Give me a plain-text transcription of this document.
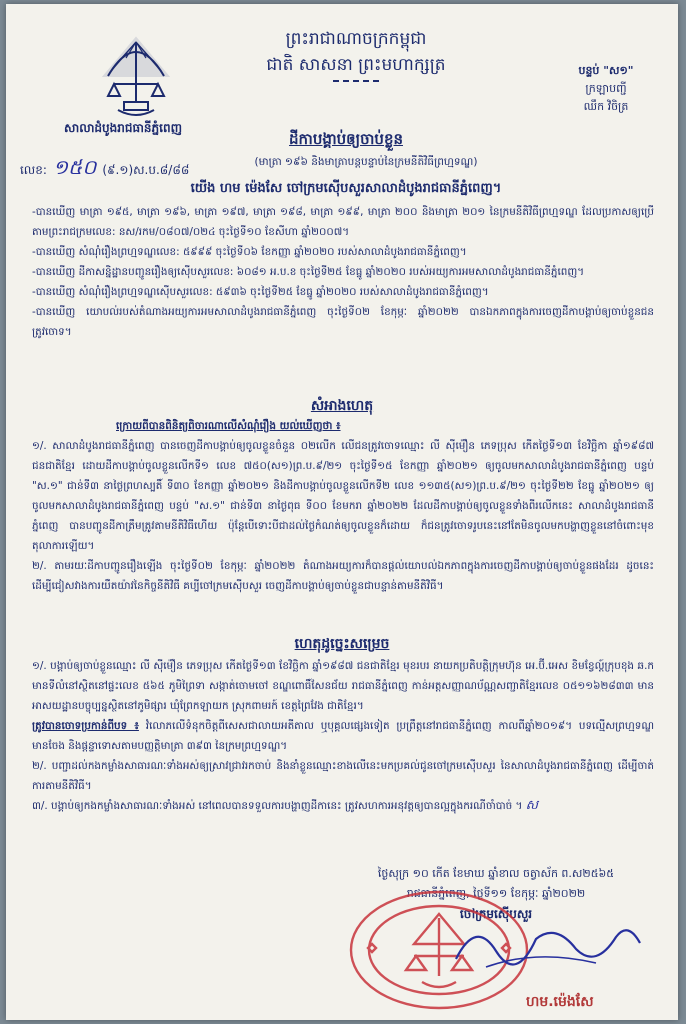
សាលាដំបូងរាជធានីភ្នំពេញ
ព្រះរាជាណាចក្រកម្ពុជា
ជាតិ សាសនា ព្រះមហាក្សត្រ	បន្ទប់ "ស១"
ក្រឡាបញ្ជី
ឈឹក វិចិត្រ
ដីកាបង្គាប់ឲ្យចាប់ខ្លួន
លេខ: ១៥០ (៩.១)ស.ប.៨/៨៨
(មាត្រា ១៩៦ និងមាត្រាបន្តបន្ទាប់នៃក្រមនីតិវិធីព្រហ្មទណ្ឌ)
យើង ហម ម៉េងសែ ចៅក្រមស៊ើបសួរសាលាដំបូងរាជធានីភ្នំពេញ។
-បានឃើញ មាត្រា ១៩៥, មាត្រា ១៩៦, មាត្រា ១៩៧, មាត្រា ១៩៨, មាត្រា ១៩៩, មាត្រា ២០០ និងមាត្រា ២០១ នៃក្រមនីតិវិធីព្រហ្មទណ្ឌ ដែលប្រកាសឲ្យប្រើតាមព្រះរាជក្រមលេខ: នស/រកម/០៨០៧/០២៤ ចុះថ្ងៃទី១០ ខែសីហា ឆ្នាំ២០០៧។
-បានឃើញ សំណុំរឿងព្រហ្មទណ្ឌលេខ: ៥៩៩៩ ចុះថ្ងៃទី០៦ ខែកញ្ញា ឆ្នាំ២០២០ របស់សាលាដំបូងរាជធានីភ្នំពេញ។
-បានឃើញ ដីកាសន្និដ្ឋានបញ្ជូនរឿងឲ្យស៊ើបសួរលេខ: ៦០៨១ អ.ប.ខ ចុះថ្ងៃទី២៥ ខែធ្នូ ឆ្នាំ២០២០ របស់អយ្យការអមសាលាដំបូងរាជធានីភ្នំពេញ។
-បានឃើញ សំណុំរឿងព្រហ្មទណ្ឌស៊ើបសួរលេខ: ៥៩៣៦ ចុះថ្ងៃទី២៥ ខែធ្នូ ឆ្នាំ២០២០ របស់សាលាដំបូងរាជធានីភ្នំពេញ។
-បានឃើញ យោបល់របស់តំណាងអយ្យការអមសាលាដំបូងរាជធានីភ្នំពេញ ចុះថ្ងៃទី០២ ខែកុម្ភៈ ឆ្នាំ២០២២ បានឯកភាពក្នុងការចេញដីកាបង្គាប់ឲ្យចាប់ខ្លួនជនត្រូវចោទ។
សំអាងហេតុ
ក្រោយពីបានពិនិត្យពិចារណាលើសំណុំរឿង យល់ឃើញថា ៖
១/. សាលាដំបូងរាជធានីភ្នំពេញ បានចេញដីកាបង្គាប់ឲ្យចូលខ្លួនចំនួន ០២លើក លើជនត្រូវចោទឈ្មោះ លី ស៊ីម៉ឿន ភេទប្រុស កើតថ្ងៃទី១៣ ខែវិច្ឆិកា ឆ្នាំ១៩៨៧ ជនជាតិខ្មែរ ដោយដីកាបង្គាប់ចូលខ្លួនលើកទី១ លេខ ៧៥០(ស១)ព្រ.ប.៩/២១ ចុះថ្ងៃទី១៥ ខែកញ្ញា ឆ្នាំ២០២១ ឲ្យចូលមកសាលាដំបូងរាជធានីភ្នំពេញ បន្ទប់ "ស.១" ជាន់ទី៣ នាថ្ងៃព្រហស្បតិ៍ ទី៣០ ខែកញ្ញា ឆ្នាំ២០២១ និងដីកាបង្គាប់ចូលខ្លួនលើកទី២ លេខ ១១៣៥(ស១)ព្រ.ប.៩/២១ ចុះថ្ងៃទី២២ ខែធ្នូ ឆ្នាំ២០២១ ឲ្យចូលមកសាលាដំបូងរាជធានីភ្នំពេញ បន្ទប់ "ស.១" ជាន់ទី៣ នាថ្ងៃពុធ ទី០០ ខែមករា ឆ្នាំ២០២២ ដែលដីកាបង្គាប់ឲ្យចូលខ្លួនទាំងពីរលើកនេះ សាលាដំបូងរាជធានីភ្នំពេញ បានបញ្ជូនដីកាត្រឹមត្រូវតាមនីតិវិធីហើយ ប៉ុន្តែបើទោះបីជាដល់ថ្ងៃកំណត់ឲ្យចូលខ្លួនក៏ដោយ ក៏ជនត្រូវចោទរូបនេះនៅតែមិនចូលមកបង្ហាញខ្លួននៅចំពោះមុខតុលាការឡើយ។
២/. តាមរយៈដីកាបញ្ជូនរឿងឡើង ចុះថ្ងៃទី០២ ខែកុម្ភៈ ឆ្នាំ២០២២ តំណាងអយ្យការក៏បានផ្តល់យោបល់ឯកភាពក្នុងការចេញដីកាបង្គាប់ឲ្យចាប់ខ្លួនផងដែរ ដូចនេះដើម្បីជៀសវាងការយឺតយ៉ាវនៃកិច្ចនីតិវិធី គប្បីចៅក្រមស៊ើបសួរ ចេញដីកាបង្គាប់ឲ្យចាប់ខ្លួនជាបន្ទាន់តាមនីតិវិធី។
ហេតុដូច្នេះសម្រេច
១/. បង្គាប់ឲ្យចាប់ខ្លួនឈ្មោះ លី ស៊ីម៉ឿន ភេទប្រុស កើតថ្ងៃទី១៣ ខែវិច្ឆិកា ឆ្នាំ១៩៨៧ ជនជាតិខ្មែរ មុខរបរ នាយកប្រតិបត្តិក្រុមហ៊ុន អេ.ប៊ី.អេស ខិមខ្វែល្ត៍ក្រុបខុង ឆ.ក មានទីលំនៅស្ថិតនៅផ្ទះលេខ ៥៦៥ ភូមិព្រៃទា សង្កាត់ចោមចៅ ខណ្ឌពោធិ៍សែនជ័យ រាជធានីភ្នំពេញ កាន់អត្តសញ្ញាណប័ណ្ណសញ្ជាតិខ្មែរលេខ ០៥១១៦២៨៣៣ មានអាសយដ្ឋានបច្ចុប្បន្នស្ថិតនៅភូមិផ្សារ ឃុំព្រែកឡាយក ស្រុកពាមរក៍ ខេត្តព្រៃវែង ជាតិខ្មែរ។
ត្រូវបានចោទប្រកាន់ពីបទ ៖ វំលោភលើទំនុកចិត្តពីសេសជាលាយអតីតាល ឬបុគ្គលផ្សេងទៀត ប្រព្រឹត្តនៅរាជធានីភ្នំពេញ កាលពីឆ្នាំ២០១៩។ បទល្មើសព្រហ្មទណ្ឌមានចែង និងផ្តន្ទាទោសតាមបញ្ញត្តិមាត្រា ៣៩៣ នៃក្រមព្រហ្មទណ្ឌ។
២/. បញ្ជាដល់កងកម្លាំងសាធារណៈទាំងអស់ឲ្យស្រាវជ្រាវរកចាប់ និងនាំខ្លួនឈ្មោះខាងលើនេះមកប្រគល់ជូនចៅក្រមស៊ើបសួរ នៃសាលាដំបូងរាជធានីភ្នំពេញ ដើម្បីចាត់ការតាមនីតិវិធី។
៣/. បង្គាប់ឲ្យកងកម្លាំងសាធារណៈទាំងអស់ នៅពេលបានទទួលការបង្ហាញដីកានេះ ត្រូវសហការអនុវត្តឲ្យបានល្អក្នុងករណីចាំបាច់ ។ ស
ថ្ងៃសុក្រ ១០ កើត ខែមាឃ ឆ្នាំខាល ចត្វាស័ក ព.ស២៥៦៥
រាជធានីភ្នំពេញ, ថ្ងៃទី១១ ខែកុម្ភៈ ឆ្នាំ២០២២
ចៅក្រមស៊ើបសួរ
ហម.ម៉េងសែ
